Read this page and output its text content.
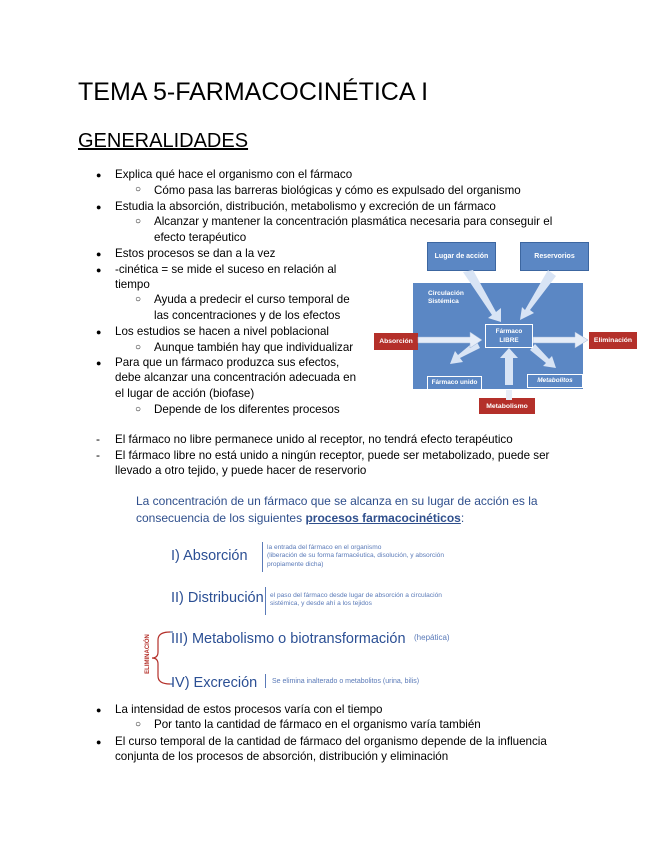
TEMA 5-FARMACOCINÉTICA I
GENERALIDADES
● Explica qué hace el organismo con el fármaco
○ Cómo pasa las barreras biológicas y cómo es expulsado del organismo
● Estudia la absorción, distribución, metabolismo y excreción de un fármaco
○ Alcanzar y mantener la concentración plasmática necesaria para conseguir el
efecto terapéutico
● Estos procesos se dan a la vez
● -cinética = se mide el suceso en relación al
tiempo
○ Ayuda a predecir el curso temporal de
las concentraciones y de los efectos
● Los estudios se hacen a nivel poblacional
○ Aunque también hay que individualizar
● Para que un fármaco produzca sus efectos,
debe alcanzar una concentración adecuada en
el lugar de acción (biofase)
○ Depende de los diferentes procesos
Circulación
Sistémica
Lugar de acción	Reservorios
Absorción	Eliminación
Metabolismo
Fármaco
LIBRE
Fármaco unido	Metabolitos
- El fármaco no libre permanece unido al receptor, no tendrá efecto terapéutico
- El fármaco libre no está unido a ningún receptor, puede ser metabolizado, puede ser
llevado a otro tejido, y puede hacer de reservorio
La concentración de un fármaco que se alcanza en su lugar de acción es la
consecuencia de los siguientes procesos farmacocinéticos:
I) Absorción
la entrada del fármaco en el organismo
(liberación de su forma farmacéutica, disolución, y absorción
propiamente dicha)
II) Distribución el paso del fármaco desde lugar de absorción a circulación
sistémica, y desde ahí a los tejidos
ELIMINACIÓN III) Metabolismo o biotransformación (hepática)
IV) Excreción Se elimina inalterado o metabolitos (urina, bilis)
● La intensidad de estos procesos varía con el tiempo
○ Por tanto la cantidad de fármaco en el organismo varía también
● El curso temporal de la cantidad de fármaco del organismo depende de la influencia
conjunta de los procesos de absorción, distribución y eliminación
